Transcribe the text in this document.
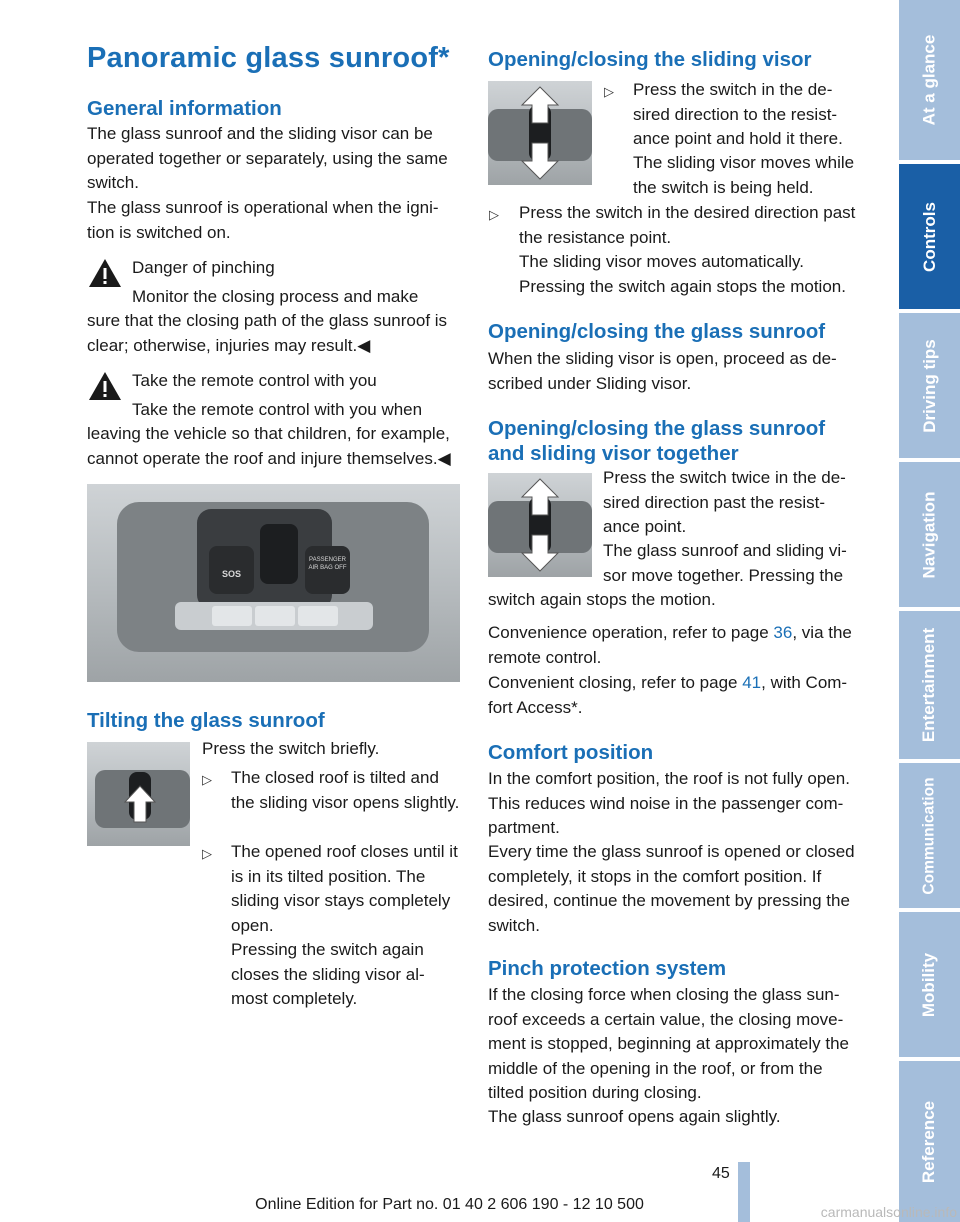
Panoramic glass sunroof*
General information

The glass sunroof and the sliding visor can be operated together or separately, using the same switch.

The glass sunroof is operational when the igni‐ tion is switched on.

Danger of pinching

Monitor the closing process and make

sure that the closing path of the glass sunroof is clear; otherwise, injuries may result.◀

Take the remote control with you

Take the remote control with you when

leaving the vehicle so that children, for example, cannot operate the roof and injure themselves.◀

SOS
PASSENGER AIR BAG OFF
Tilting the glass sunroof

Press the switch briefly.

▷ The closed roof is tilted and the sliding visor opens slightly.

▷ The opened roof closes until it is in its tilted position. The sliding visor stays completely open.

Pressing the switch again closes the sliding visor al‐ most completely.

Opening/closing the sliding visor
▷ Press the switch in the de‐ sired direction to the resist‐ ance point and hold it there.

The sliding visor moves while the switch is being held.

▷ Press the switch in the desired direction past the resistance point.

The sliding visor moves automatically. Pressing the switch again stops the motion.

Opening/closing the glass sunroof

When the sliding visor is open, proceed as de‐ scribed under Sliding visor.

Opening/closing the glass sunroof and sliding visor together

Press the switch twice in the de‐ sired direction past the resist‐ ance point.

The glass sunroof and sliding vi‐ sor move together. Pressing the

switch again stops the motion.

Convenience operation, refer to page 36, via the remote control.

Convenient closing, refer to page 41, with Com‐ fort Access*.

Comfort position

In the comfort position, the roof is not fully open. This reduces wind noise in the passenger com‐ partment.

Every time the glass sunroof is opened or closed completely, it stops in the comfort position. If desired, continue the movement by pressing the switch.

Pinch protection system

If the closing force when closing the glass sun‐ roof exceeds a certain value, the closing move‐ ment is stopped, beginning at approximately the middle of the opening in the roof, or from the tilted position during closing.

The glass sunroof opens again slightly.

At a glance
Controls
Driving tips
Navigation
Entertainment
Communication
Mobility
Reference
45
Online Edition for Part no. 01 40 2 606 190 - 12 10 500	carmanualsonline.info
